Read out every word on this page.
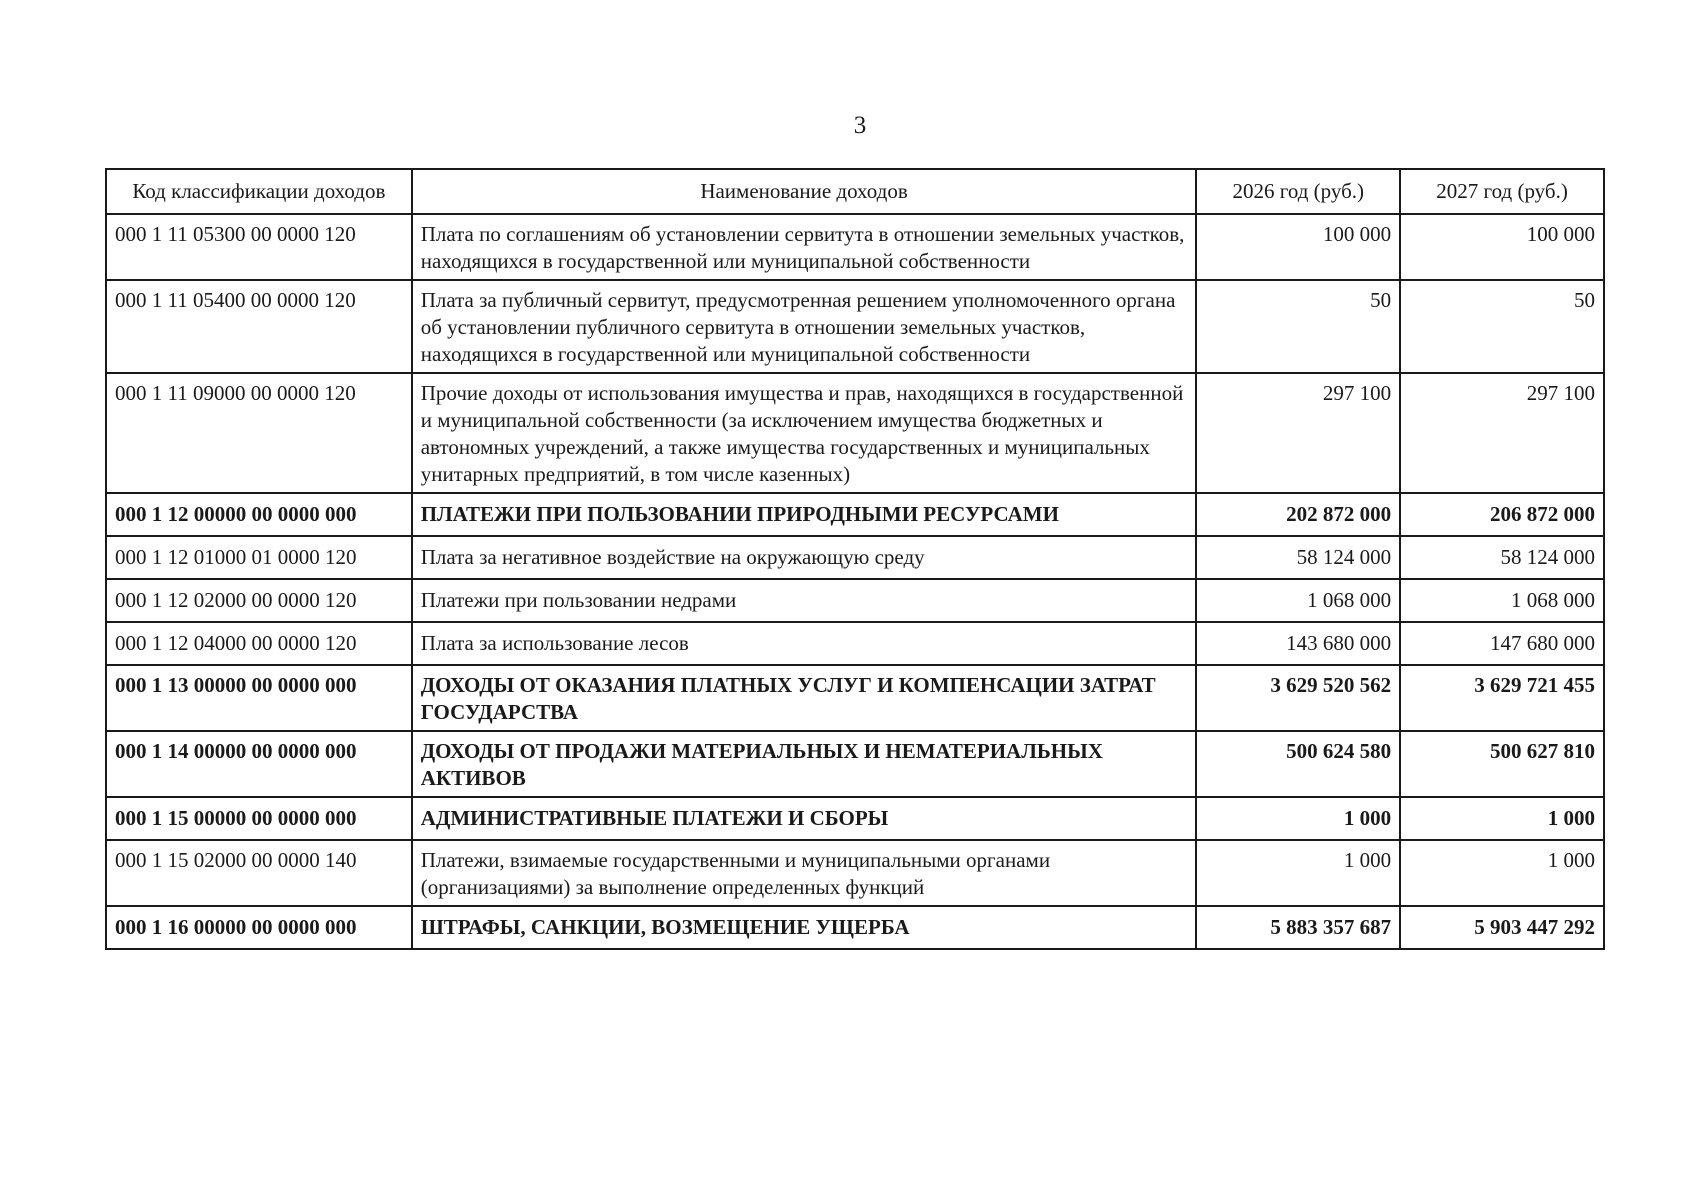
3
Код классификации доходов	Наименование доходов	2026 год (руб.)	2027 год (руб.)
000 1 11 05300 00 0000 120	Плата по соглашениям об установлении сервитута в отношении земельных участков, находящихся в государственной или муниципальной собственности	100 000	100 000
000 1 11 05400 00 0000 120	Плата за публичный сервитут, предусмотренная решением уполномоченного органа об установлении публичного сервитута в отношении земельных участков, находящихся в государственной или муниципальной собственности	50	50
000 1 11 09000 00 0000 120	Прочие доходы от использования имущества и прав, находящихся в государственной и муниципальной собственности (за исключением имущества бюджетных и автономных учреждений, а также имущества государственных и муниципальных унитарных предприятий, в том числе казенных)	297 100	297 100
000 1 12 00000 00 0000 000	ПЛАТЕЖИ ПРИ ПОЛЬЗОВАНИИ ПРИРОДНЫМИ РЕСУРСАМИ	202 872 000	206 872 000
000 1 12 01000 01 0000 120	Плата за негативное воздействие на окружающую среду	58 124 000	58 124 000
000 1 12 02000 00 0000 120	Платежи при пользовании недрами	1 068 000	1 068 000
000 1 12 04000 00 0000 120	Плата за использование лесов	143 680 000	147 680 000
000 1 13 00000 00 0000 000	ДОХОДЫ ОТ ОКАЗАНИЯ ПЛАТНЫХ УСЛУГ И КОМПЕНСАЦИИ ЗАТРАТ ГОСУДАРСТВА	3 629 520 562	3 629 721 455
000 1 14 00000 00 0000 000	ДОХОДЫ ОТ ПРОДАЖИ МАТЕРИАЛЬНЫХ И НЕМАТЕРИАЛЬНЫХ АКТИВОВ	500 624 580	500 627 810
000 1 15 00000 00 0000 000	АДМИНИСТРАТИВНЫЕ ПЛАТЕЖИ И СБОРЫ	1 000	1 000
000 1 15 02000 00 0000 140	Платежи, взимаемые государственными и муниципальными органами (организациями) за выполнение определенных функций	1 000	1 000
000 1 16 00000 00 0000 000	ШТРАФЫ, САНКЦИИ, ВОЗМЕЩЕНИЕ УЩЕРБА	5 883 357 687	5 903 447 292
